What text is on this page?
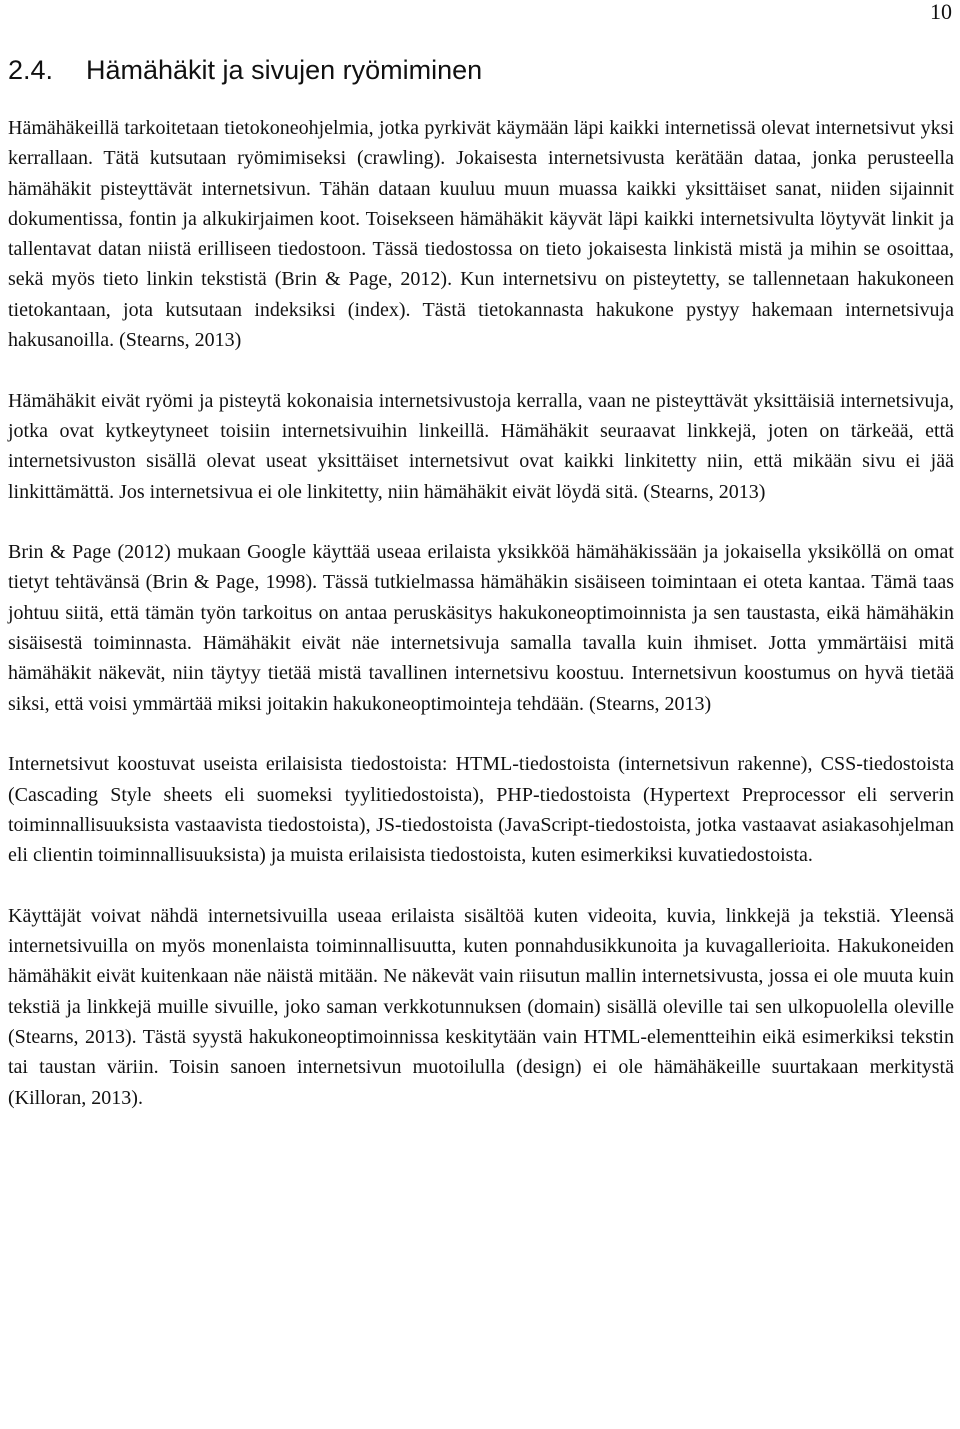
10
2.4. Hämähäkit ja sivujen ryömiminen

Hämähäkeillä tarkoitetaan tietokoneohjelmia, jotka pyrkivät käymään läpi kaikki internetissä olevat internetsivut yksi kerrallaan. Tätä kutsutaan ryömimiseksi (crawling). Jokaisesta internetsivusta kerätään dataa, jonka perusteella hämähäkit pisteyttävät internetsivun. Tähän dataan kuuluu muun muassa kaikki yksittäiset sanat, niiden sijainnit dokumentissa, fontin ja alkukirjaimen koot. Toisekseen hämähäkit käyvät läpi kaikki internetsivulta löytyvät linkit ja tallentavat datan niistä erilliseen tiedostoon. Tässä tiedostossa on tieto jokaisesta linkistä mistä ja mihin se osoittaa, sekä myös tieto linkin tekstistä (Brin & Page, 2012). Kun internetsivu on pisteytetty, se tallennetaan hakukoneen tietokantaan, jota kutsutaan indeksiksi (index). Tästä tietokannasta hakukone pystyy hakemaan internetsivuja hakusanoilla. (Stearns, 2013)

Hämähäkit eivät ryömi ja pisteytä kokonaisia internetsivustoja kerralla, vaan ne pisteyttävät yksittäisiä internetsivuja, jotka ovat kytkeytyneet toisiin internetsivuihin linkeillä. Hämähäkit seuraavat linkkejä, joten on tärkeää, että internetsivuston sisällä olevat useat yksittäiset internetsivut ovat kaikki linkitetty niin, että mikään sivu ei jää linkittämättä. Jos internetsivua ei ole linkitetty, niin hämähäkit eivät löydä sitä. (Stearns, 2013)

Brin & Page (2012) mukaan Google käyttää useaa erilaista yksikköä hämähäkissään ja jokaisella yksiköllä on omat tietyt tehtävänsä (Brin & Page, 1998). Tässä tutkielmassa hämähäkin sisäiseen toimintaan ei oteta kantaa. Tämä taas johtuu siitä, että tämän työn tarkoitus on antaa peruskäsitys hakukoneoptimoinnista ja sen taustasta, eikä hämähäkin sisäisestä toiminnasta. Hämähäkit eivät näe internetsivuja samalla tavalla kuin ihmiset. Jotta ymmärtäisi mitä hämähäkit näkevät, niin täytyy tietää mistä tavallinen internetsivu koostuu. Internetsivun koostumus on hyvä tietää siksi, että voisi ymmärtää miksi joitakin hakukoneoptimointeja tehdään. (Stearns, 2013)

Internetsivut koostuvat useista erilaisista tiedostoista: HTML-tiedostoista (internetsivun rakenne), CSS-tiedostoista (Cascading Style sheets eli suomeksi tyylitiedostoista), PHP-tiedostoista (Hypertext Preprocessor eli serverin toiminnallisuuksista vastaavista tiedostoista), JS-tiedostoista (JavaScript-tiedostoista, jotka vastaavat asiakasohjelman eli clientin toiminnallisuuksista) ja muista erilaisista tiedostoista, kuten esimerkiksi kuvatiedostoista.

Käyttäjät voivat nähdä internetsivuilla useaa erilaista sisältöä kuten videoita, kuvia, linkkejä ja tekstiä. Yleensä internetsivuilla on myös monenlaista toiminnallisuutta, kuten ponnahdusikkunoita ja kuvagallerioita. Hakukoneiden hämähäkit eivät kuitenkaan näe näistä mitään. Ne näkevät vain riisutun mallin internetsivusta, jossa ei ole muuta kuin tekstiä ja linkkejä muille sivuille, joko saman verkkotunnuksen (domain) sisällä oleville tai sen ulkopuolella oleville (Stearns, 2013). Tästä syystä hakukoneoptimoinnissa keskitytään vain HTML-elementteihin eikä esimerkiksi tekstin tai taustan väriin. Toisin sanoen internetsivun muotoilulla (design) ei ole hämähäkeille suurtakaan merkitystä (Killoran, 2013).
